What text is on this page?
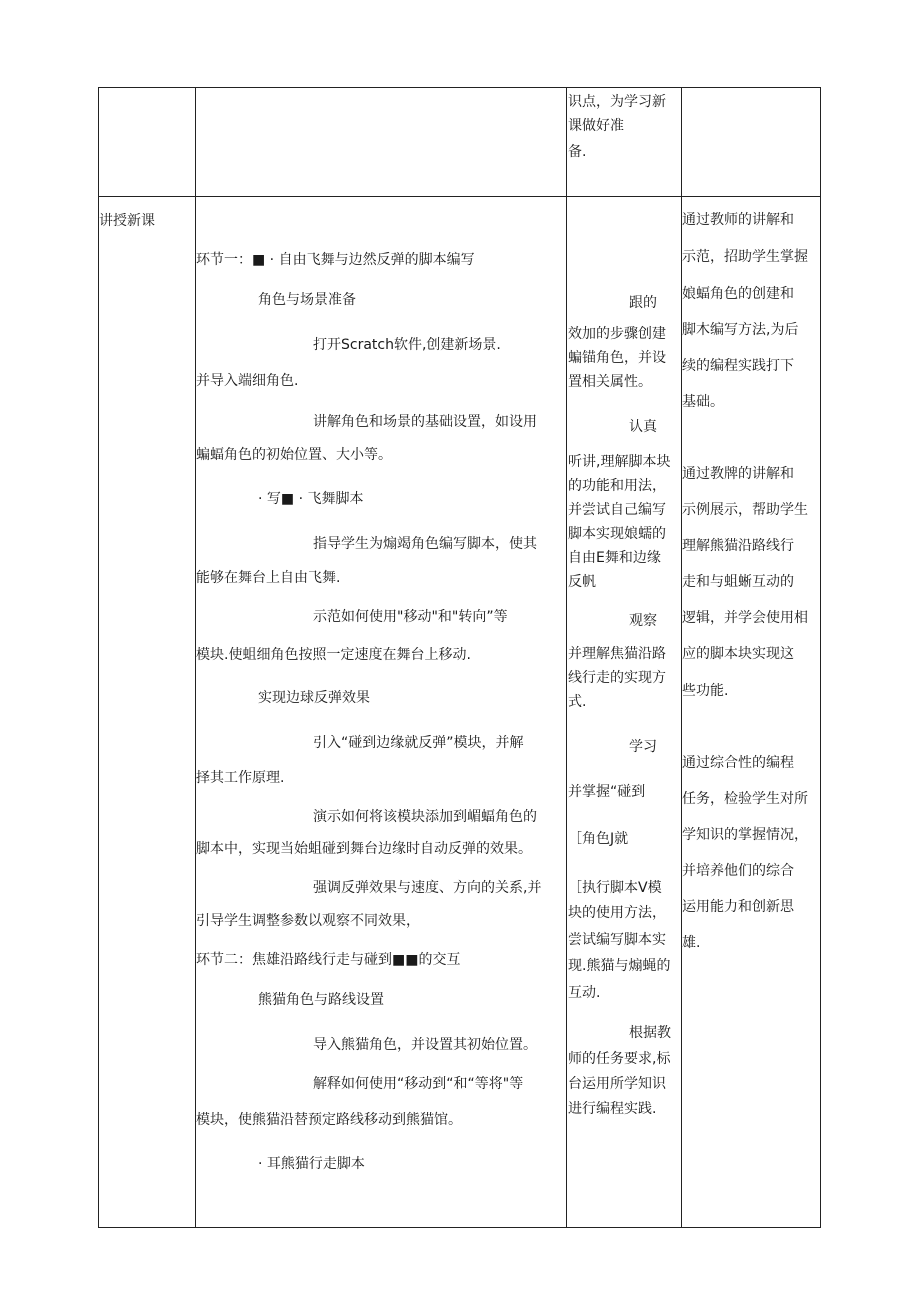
识点，为学习新
课做好准
备.
讲授新课
环节一：■ · 自由飞舞与边然反弹的脚本编写
角色与场景准备
打开Scratch软件,创建新场景.
并导入端细角色.
讲解角色和场景的基础设置，如设用
蝙蝠角色的初始位置、大小等。
· 写■ · 飞舞脚本
指导学生为煽竭角色编写脚本，使其
能够在舞台上自由飞舞.
示范如何使用"移动"和"转向”等
模块.使蛆细角色按照一定速度在舞台上移动.
实现边球反弹效果
引入“碰到边缘就反弹”模块，并解
择其工作原理.
演示如何将该模块添加到嵋蝠角色的
脚本中，实现当始蛆碰到舞台边缘时自动反弹的效果。
强调反弹效果与速度、方向的关系,并
引导学生调整参数以观察不同效果，
环节二：焦雄沿路线行走与碰到■■的交互
熊猫角色与路线设置
导入熊猫角色，并设置其初始位置。
解释如何使用“移动到“和“等将"等
模块，使熊猫沿替预定路线移动到熊猫馆。
· 耳熊猫行走脚本
跟的
效加的步骤创建
蝙锚角色，并设
置相关属性。
认真
听讲,理解脚本块
的功能和用法，
并尝试自己编写
脚本实现娘蠕的
自由E舞和边缘
反帆
观察
并理解焦猫沿路
线行走的实现方
式.
学习
并掌握“碰到
［角色J就
［执行脚本V模
块的使用方法，
尝试编写脚本实
现.熊猫与煽蝇的
互动.
根据教
师的任务要求,标
台运用所学知识
进行编程实践.
通过教师的讲解和
示范，招助学生掌握
娘蝠角色的创建和
脚木编写方法,为后
续的编程实践打下
基础。
通过教牌的讲解和
示例展示，帮助学生
理解熊猫沿路线行
走和与蛆蜥互动的
逻辑，并学会使用相
应的脚本块实现这
些功能.
通过综合性的编程
任务，检验学生对所
学知识的掌握情况，
并培养他们的综合
运用能力和创新思
雄.
